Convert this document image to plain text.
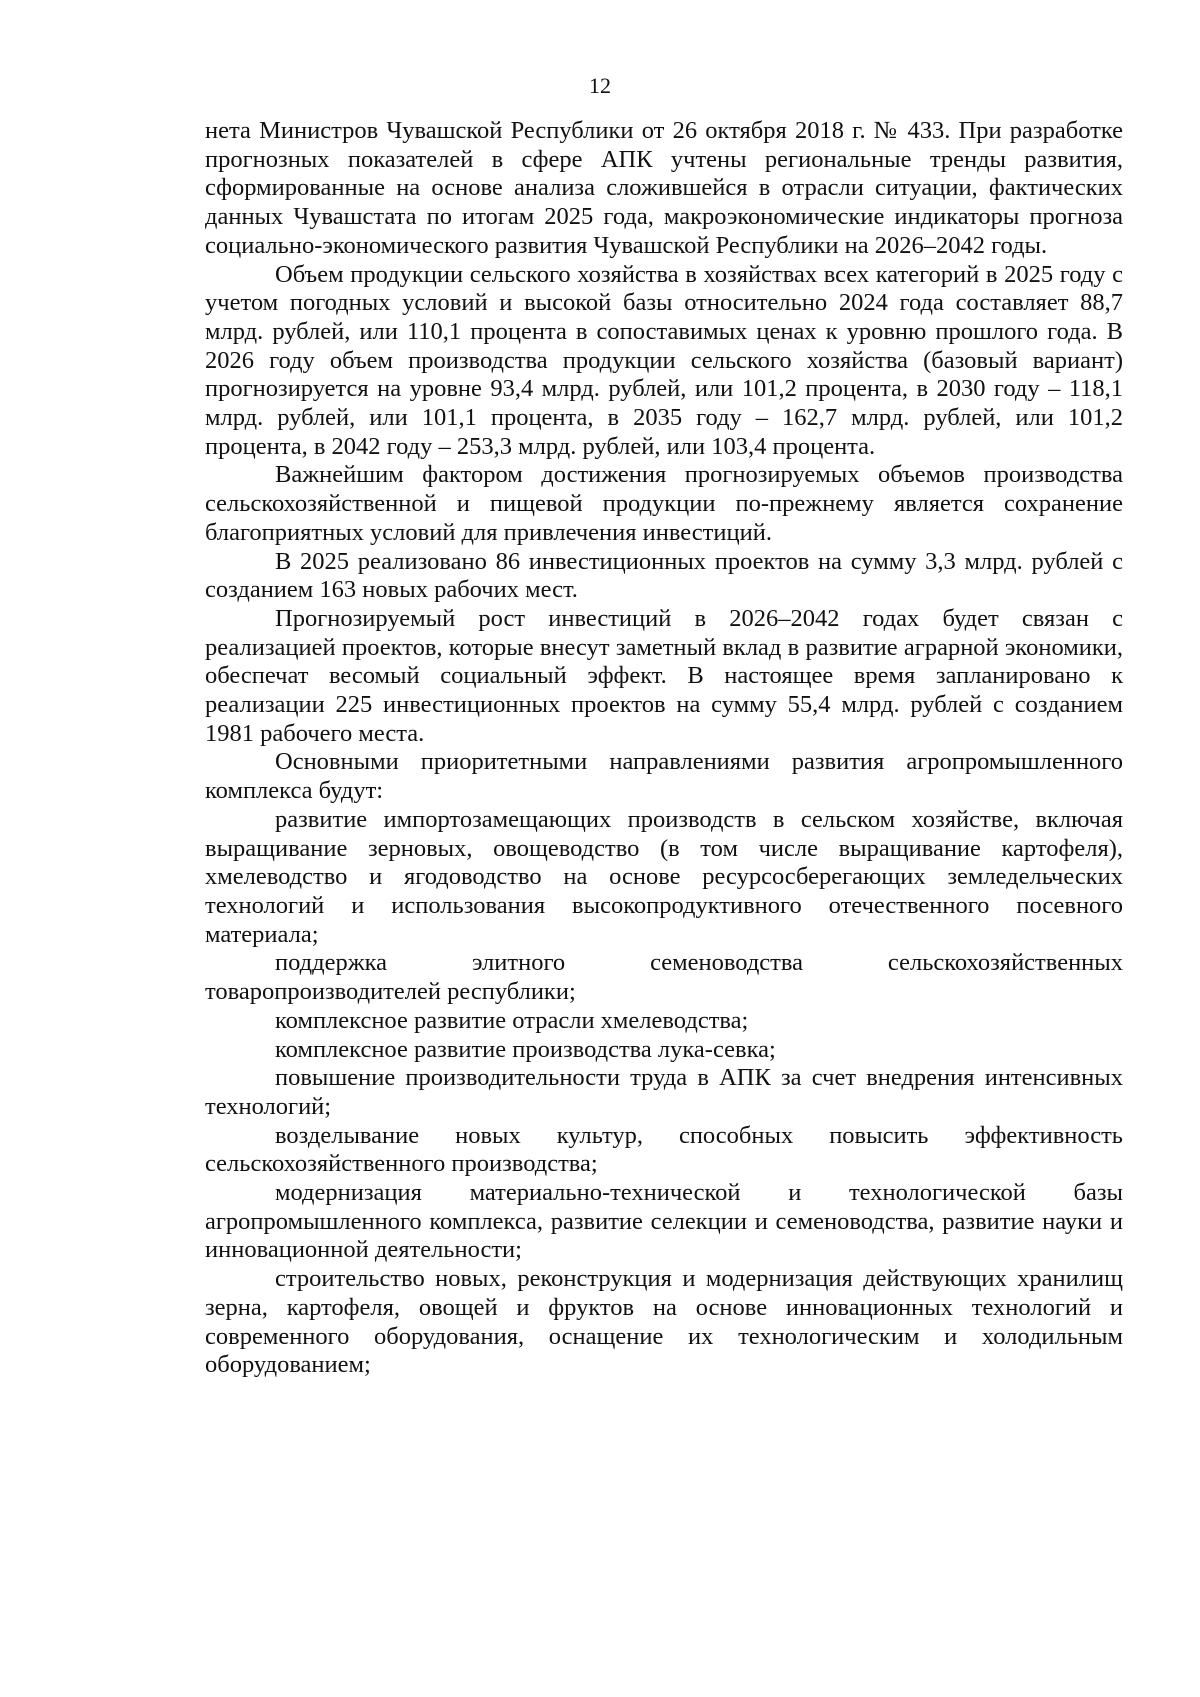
12

нета Министров Чувашской Республики от 26 октября 2018 г. № 433. При разработке прогнозных показателей в сфере АПК учтены региональные тренды развития, сформированные на основе анализа сложившейся в отрасли ситуации, фактических данных Чувашстата по итогам 2025 года, макроэкономические индикаторы прогноза социально-экономического развития Чувашской Республики на 2026–2042 годы.

Объем продукции сельского хозяйства в хозяйствах всех категорий в 2025 году с учетом погодных условий и высокой базы относительно 2024 года составляет 88,7 млрд. рублей, или 110,1 процента в сопоставимых ценах к уровню прошлого года. В 2026 году объем производства продукции сельского хозяйства (базовый вариант) прогнозируется на уровне 93,4 млрд. рублей, или 101,2 процента, в 2030 году – 118,1 млрд. рублей, или 101,1 процента, в 2035 году – 162,7 млрд. рублей, или 101,2 процента, в 2042 году – 253,3 млрд. рублей, или 103,4 процента.

Важнейшим фактором достижения прогнозируемых объемов производства сельскохозяйственной и пищевой продукции по-прежнему является сохранение благоприятных условий для привлечения инвестиций.

В 2025 реализовано 86 инвестиционных проектов на сумму 3,3 млрд. рублей с созданием 163 новых рабочих мест.

Прогнозируемый рост инвестиций в 2026–2042 годах будет связан с реализацией проектов, которые внесут заметный вклад в развитие аграрной экономики, обеспечат весомый социальный эффект. В настоящее время запланировано к реализации 225 инвестиционных проектов на сумму 55,4 млрд. рублей с созданием 1981 рабочего места.

Основными приоритетными направлениями развития агропромышленного комплекса будут:

развитие импортозамещающих производств в сельском хозяйстве, включая выращивание зерновых, овощеводство (в том числе выращивание картофеля), хмелеводство и ягодоводство на основе ресурсосберегающих земледельческих технологий и использования высокопродуктивного отечественного посевного материала;

поддержка элитного семеноводства сельскохозяйственных товаропроизводителей республики;

комплексное развитие отрасли хмелеводства;

комплексное развитие производства лука-севка;

повышение производительности труда в АПК за счет внедрения интенсивных технологий;

возделывание новых культур, способных повысить эффективность сельскохозяйственного производства;

модернизация материально-технической и технологической базы агропромышленного комплекса, развитие селекции и семеноводства, развитие науки и инновационной деятельности;

строительство новых, реконструкция и модернизация действующих хранилищ зерна, картофеля, овощей и фруктов на основе инновационных технологий и современного оборудования, оснащение их технологическим и холодильным оборудованием;
